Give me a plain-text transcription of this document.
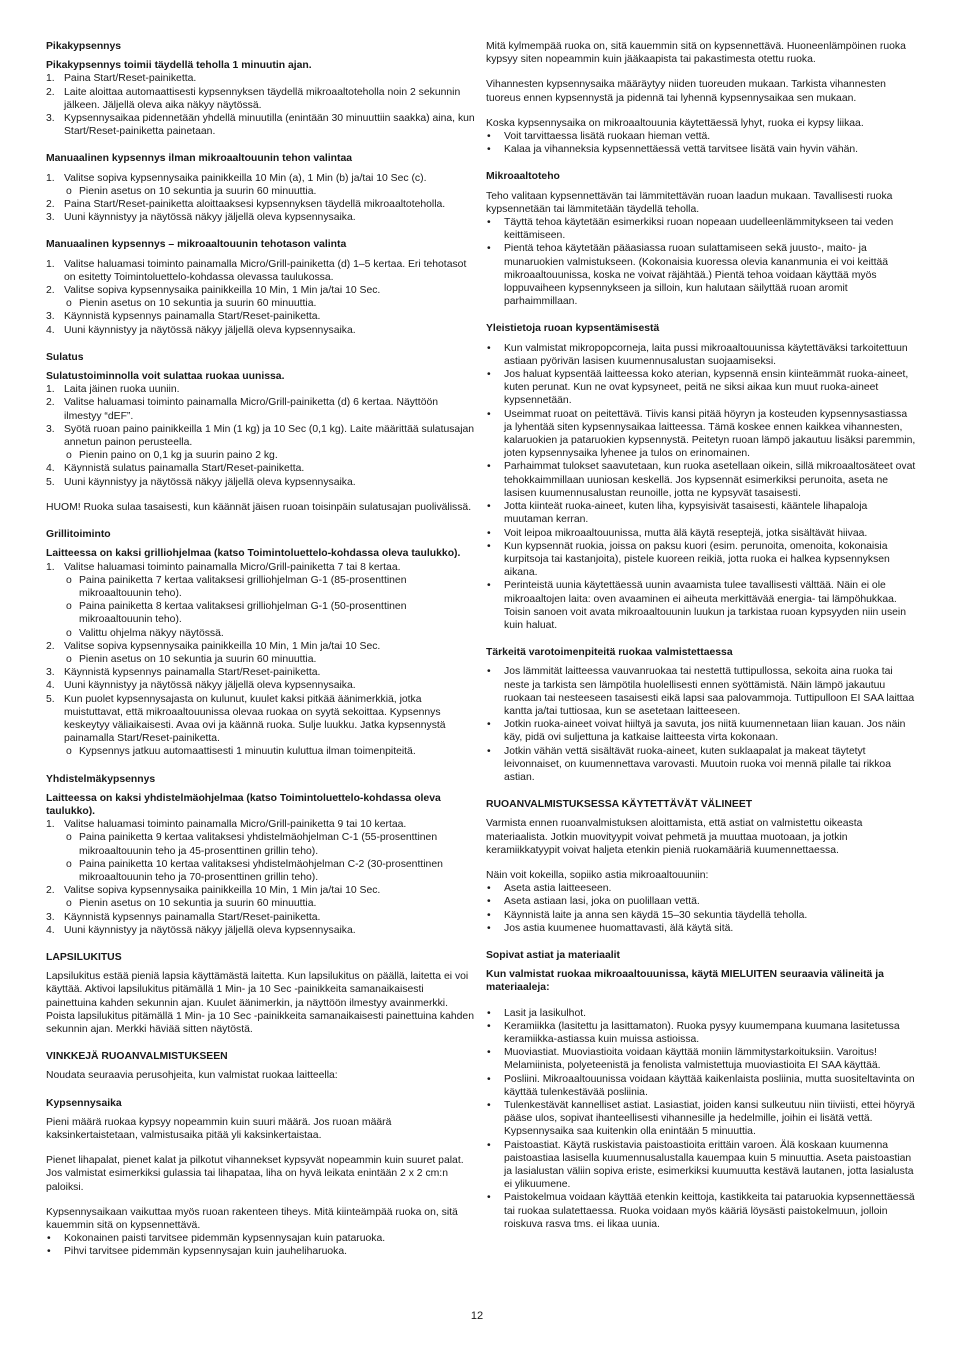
Pikakypsennys

Pikakypsennys toimii täydellä teholla 1 minuutin ajan.

1. Paina Start/Reset-painiketta.
2. Laite aloittaa automaattisesti kypsennyksen täydellä mikroaaltoteholla noin 2 sekunnin jälkeen. Jäljellä oleva aika näkyy näytössä.
3. Kypsennysaikaa pidennetään yhdellä minuutilla (enintään 30 minuuttiin saakka) aina, kun Start/Reset-painiketta painetaan.

Manuaalinen kypsennys ilman mikroaaltouunin tehon valintaa

1. Valitse sopiva kypsennysaika painikkeilla 10 Min (a), 1 Min (b) ja/tai 10 Sec (c).
o Pienin asetus on 10 sekuntia ja suurin 60 minuuttia.
2. Paina Start/Reset-painiketta aloittaaksesi kypsennyksen täydellä mikroaaltoteholla.
3. Uuni käynnistyy ja näytössä näkyy jäljellä oleva kypsennysaika.

Manuaalinen kypsennys – mikroaaltouunin tehotason valinta

1. Valitse haluamasi toiminto painamalla Micro/Grill-painiketta (d) 1–5 kertaa. Eri tehotasot on esitetty Toimintoluettelo-kohdassa olevassa taulukossa.
2. Valitse sopiva kypsennysaika painikkeilla 10 Min, 1 Min ja/tai 10 Sec.
o Pienin asetus on 10 sekuntia ja suurin 60 minuuttia.
3. Käynnistä kypsennys painamalla Start/Reset-painiketta.
4. Uuni käynnistyy ja näytössä näkyy jäljellä oleva kypsennysaika.

Sulatus

Sulatustoiminnolla voit sulattaa ruokaa uunissa.

1. Laita jäinen ruoka uuniin.
2. Valitse haluamasi toiminto painamalla Micro/Grill-painiketta (d) 6 kertaa. Näyttöön ilmestyy “dEF”.
3. Syötä ruoan paino painikkeilla 1 Min (1 kg) ja 10 Sec (0,1 kg). Laite määrittää sulatusajan annetun painon perusteella.
o Pienin paino on 0,1 kg ja suurin paino 2 kg.
4. Käynnistä sulatus painamalla Start/Reset-painiketta.
5. Uuni käynnistyy ja näytössä näkyy jäljellä oleva kypsennysaika.

HUOM! Ruoka sulaa tasaisesti, kun käännät jäisen ruoan toisinpäin sulatusajan puolivälissä.

Grillitoiminto

Laitteessa on kaksi grilliohjelmaa (katso Toimintoluettelo-kohdassa oleva taulukko).

1. Valitse haluamasi toiminto painamalla Micro/Grill-painiketta 7 tai 8 kertaa.
o Paina painiketta 7 kertaa valitaksesi grilliohjelman G-1 (85-prosenttinen mikroaaltouunin teho).
o Paina painiketta 8 kertaa valitaksesi grilliohjelman G-1 (50-prosenttinen mikroaaltouunin teho).
o Valittu ohjelma näkyy näytössä.
2. Valitse sopiva kypsennysaika painikkeilla 10 Min, 1 Min ja/tai 10 Sec.
o Pienin asetus on 10 sekuntia ja suurin 60 minuuttia.
3. Käynnistä kypsennys painamalla Start/Reset-painiketta.
4. Uuni käynnistyy ja näytössä näkyy jäljellä oleva kypsennysaika.
5. Kun puolet kypsennysajasta on kulunut, kuulet kaksi pitkää äänimerkkiä, jotka muistuttavat, että mikroaaltouunissa olevaa ruokaa on syytä sekoittaa. Kypsennys keskeytyy väliaikaisesti. Avaa ovi ja käännä ruoka. Sulje luukku. Jatka kypsennystä painamalla Start/Reset-painiketta.
o Kypsennys jatkuu automaattisesti 1 minuutin kuluttua ilman toimenpiteitä.

Yhdistelmäkypsennys

Laitteessa on kaksi yhdistelmäohjelmaa (katso Toimintoluettelo-kohdassa oleva taulukko).

1. Valitse haluamasi toiminto painamalla Micro/Grill-painiketta 9 tai 10 kertaa.
o Paina painiketta 9 kertaa valitaksesi yhdistelmäohjelman C-1 (55-prosenttinen mikroaaltouunin teho ja 45-prosenttinen grillin teho).
o Paina painiketta 10 kertaa valitaksesi yhdistelmäohjelman C-2 (30-prosenttinen mikroaaltouunin teho ja 70-prosenttinen grillin teho).
2. Valitse sopiva kypsennysaika painikkeilla 10 Min, 1 Min ja/tai 10 Sec.
o Pienin asetus on 10 sekuntia ja suurin 60 minuuttia.
3. Käynnistä kypsennys painamalla Start/Reset-painiketta.
4. Uuni käynnistyy ja näytössä näkyy jäljellä oleva kypsennysaika.

LAPSILUKITUS

Lapsilukitus estää pieniä lapsia käyttämästä laitetta. Kun lapsilukitus on päällä, laitetta ei voi käyttää. Aktivoi lapsilukitus pitämällä 1 Min- ja 10 Sec -painikkeita samanaikaisesti painettuina kahden sekunnin ajan. Kuulet äänimerkin, ja näyttöön ilmestyy avainmerkki. Poista lapsilukitus pitämällä 1 Min- ja 10 Sec -painikkeita samanaikaisesti painettuina kahden sekunnin ajan. Merkki häviää sitten näytöstä.

VINKKEJÄ RUOANVALMISTUKSEEN

Noudata seuraavia perusohjeita, kun valmistat ruokaa laitteella:

Kypsennysaika

Pieni määrä ruokaa kypsyy nopeammin kuin suuri määrä. Jos ruoan määrä kaksinkertaistetaan, valmistusaika pitää yli kaksinkertaistaa.

Pienet lihapalat, pienet kalat ja pilkotut vihannekset kypsyvät nopeammin kuin suuret palat. Jos valmistat esimerkiksi gulassia tai lihapataa, liha on hyvä leikata enintään 2 x 2 cm:n paloiksi.

Kypsennysaikaan vaikuttaa myös ruoan rakenteen tiheys. Mitä kiinteämpää ruoka on, sitä kauemmin sitä on kypsennettävä.

• Kokonainen paisti tarvitsee pidemmän kypsennysajan kuin pataruoka.
• Pihvi tarvitsee pidemmän kypsennysajan kuin jauheliharuoka.

Mitä kylmempää ruoka on, sitä kauemmin sitä on kypsennettävä. Huoneenlämpöinen ruoka kypsyy siten nopeammin kuin jääkaapista tai pakastimesta otettu ruoka.

Vihannesten kypsennysaika määräytyy niiden tuoreuden mukaan. Tarkista vihannesten tuoreus ennen kypsennystä ja pidennä tai lyhennä kypsennysaikaa sen mukaan.

Koska kypsennysaika on mikroaaltouunia käytettäessä lyhyt, ruoka ei kypsy liikaa.

• Voit tarvittaessa lisätä ruokaan hieman vettä.
• Kalaa ja vihanneksia kypsennettäessä vettä tarvitsee lisätä vain hyvin vähän.

Mikroaaltoteho

Teho valitaan kypsennettävän tai lämmitettävän ruoan laadun mukaan. Tavallisesti ruoka kypsennetään tai lämmitetään täydellä teholla.

• Täyttä tehoa käytetään esimerkiksi ruoan nopeaan uudelleenlämmitykseen tai veden keittämiseen.
• Pientä tehoa käytetään pääasiassa ruoan sulattamiseen sekä juusto-, maito- ja munaruokien valmistukseen. (Kokonaisia kuoressa olevia kananmunia ei voi keittää mikroaaltouunissa, koska ne voivat räjähtää.) Pientä tehoa voidaan käyttää myös loppuvaiheen kypsennykseen ja silloin, kun halutaan säilyttää ruoan aromit parhaimmillaan.

Yleistietoja ruoan kypsentämisestä

• Kun valmistat mikropopcorneja, laita pussi mikroaaltouunissa käytettäväksi tarkoitettuun astiaan pyörivän lasisen kuumennusalustan suojaamiseksi.
• Jos haluat kypsentää laitteessa koko aterian, kypsennä ensin kiinteämmät ruoka-aineet, kuten perunat. Kun ne ovat kypsyneet, peitä ne siksi aikaa kun muut ruoka-aineet kypsennetään.
• Useimmat ruoat on peitettävä. Tiivis kansi pitää höyryn ja kosteuden kypsennysastiassa ja lyhentää siten kypsennysaikaa laitteessa. Tämä koskee ennen kaikkea vihannesten, kalaruokien ja pataruokien kypsennystä. Peitetyn ruoan lämpö jakautuu lisäksi paremmin, joten kypsennysaika lyhenee ja tulos on erinomainen.
• Parhaimmat tulokset saavutetaan, kun ruoka asetellaan oikein, sillä mikroaaltosäteet ovat tehokkaimmillaan uuniosan keskellä. Jos kypsennät esimerkiksi perunoita, aseta ne lasisen kuumennusalustan reunoille, jotta ne kypsyvät tasaisesti.
• Jotta kiinteät ruoka-aineet, kuten liha, kypsyisivät tasaisesti, kääntele lihapaloja muutaman kerran.
• Voit leipoa mikroaaltouunissa, mutta älä käytä reseptejä, jotka sisältävät hiivaa.
• Kun kypsennät ruokia, joissa on paksu kuori (esim. perunoita, omenoita, kokonaisia kurpitsoja tai kastanjoita), pistele kuoreen reikiä, jotta ruoka ei halkea kypsennyksen aikana.
• Perinteistä uunia käytettäessä uunin avaamista tulee tavallisesti välttää. Näin ei ole mikroaaltojen laita: oven avaaminen ei aiheuta merkittävää energia- tai lämpöhukkaa. Toisin sanoen voit avata mikroaaltouunin luukun ja tarkistaa ruoan kypsyyden niin usein kuin haluat.

Tärkeitä varotoimenpiteitä ruokaa valmistettaessa

• Jos lämmität laitteessa vauvanruokaa tai nestettä tuttipullossa, sekoita aina ruoka tai neste ja tarkista sen lämpötila huolellisesti ennen syöttämistä. Näin lämpö jakautuu ruokaan tai nesteeseen tasaisesti eikä lapsi saa palovammoja. Tuttipulloon EI SAA laittaa kantta ja/tai tuttiosaa, kun se asetetaan laitteeseen.
• Jotkin ruoka-aineet voivat hiiltyä ja savuta, jos niitä kuumennetaan liian kauan. Jos näin käy, pidä ovi suljettuna ja katkaise laitteesta virta kokonaan.
• Jotkin vähän vettä sisältävät ruoka-aineet, kuten suklaapalat ja makeat täytetyt leivonnaiset, on kuumennettava varovasti. Muutoin ruoka voi mennä pilalle tai rikkoa astian.

RUOANVALMISTUKSESSA KÄYTETTÄVÄT VÄLINEET

Varmista ennen ruoanvalmistuksen aloittamista, että astiat on valmistettu oikeasta materiaalista. Jotkin muovityypit voivat pehmetä ja muuttaa muotoaan, ja jotkin keramiikkatyypit voivat haljeta etenkin pieniä ruokamääriä kuumennettaessa.

Näin voit kokeilla, sopiiko astia mikroaaltouuniin:

• Aseta astia laitteeseen.
• Aseta astiaan lasi, joka on puolillaan vettä.
• Käynnistä laite ja anna sen käydä 15–30 sekuntia täydellä teholla.
• Jos astia kuumenee huomattavasti, älä käytä sitä.

Sopivat astiat ja materiaalit

Kun valmistat ruokaa mikroaaltouunissa, käytä MIELUITEN seuraavia välineitä ja materiaaleja:

• Lasit ja lasikulhot.
• Keramiikka (lasitettu ja lasittamaton). Ruoka pysyy kuumempana kuumana lasitetussa keramiikka-astiassa kuin muissa astioissa.
• Muoviastiat. Muoviastioita voidaan käyttää moniin lämmitystarkoituksiin. Varoitus! Melamiinista, polyeteenistä ja fenolista valmistettuja muoviastioita EI SAA käyttää.
• Posliini. Mikroaaltouunissa voidaan käyttää kaikenlaista posliinia, mutta suositeltavinta on käyttää tulenkestävää posliinia.
• Tulenkestävät kannelliset astiat. Lasiastiat, joiden kansi sulkeutuu niin tiiviisti, ettei höyryä pääse ulos, sopivat ihanteellisesti vihannesille ja hedelmille, joihin ei lisätä vettä. Kypsennysaika saa kuitenkin olla enintään 5 minuuttia.
• Paistoastiat. Käytä ruskistavia paistoastioita erittäin varoen. Älä koskaan kuumenna paistoastiaa lasisella kuumennusalustalla kauempaa kuin 5 minuuttia. Aseta paistoastian ja lasialustan väliin sopiva eriste, esimerkiksi kuumuutta kestävä lautanen, jotta lasialusta ei ylikuumene.
• Paistokelmua voidaan käyttää etenkin keittoja, kastikkeita tai pataruokia kypsennettäessä tai ruokaa sulatettaessa. Ruoka voidaan myös kääriä löysästi paistokelmuun, jolloin roiskuva rasva tms. ei likaa uunia.
12
